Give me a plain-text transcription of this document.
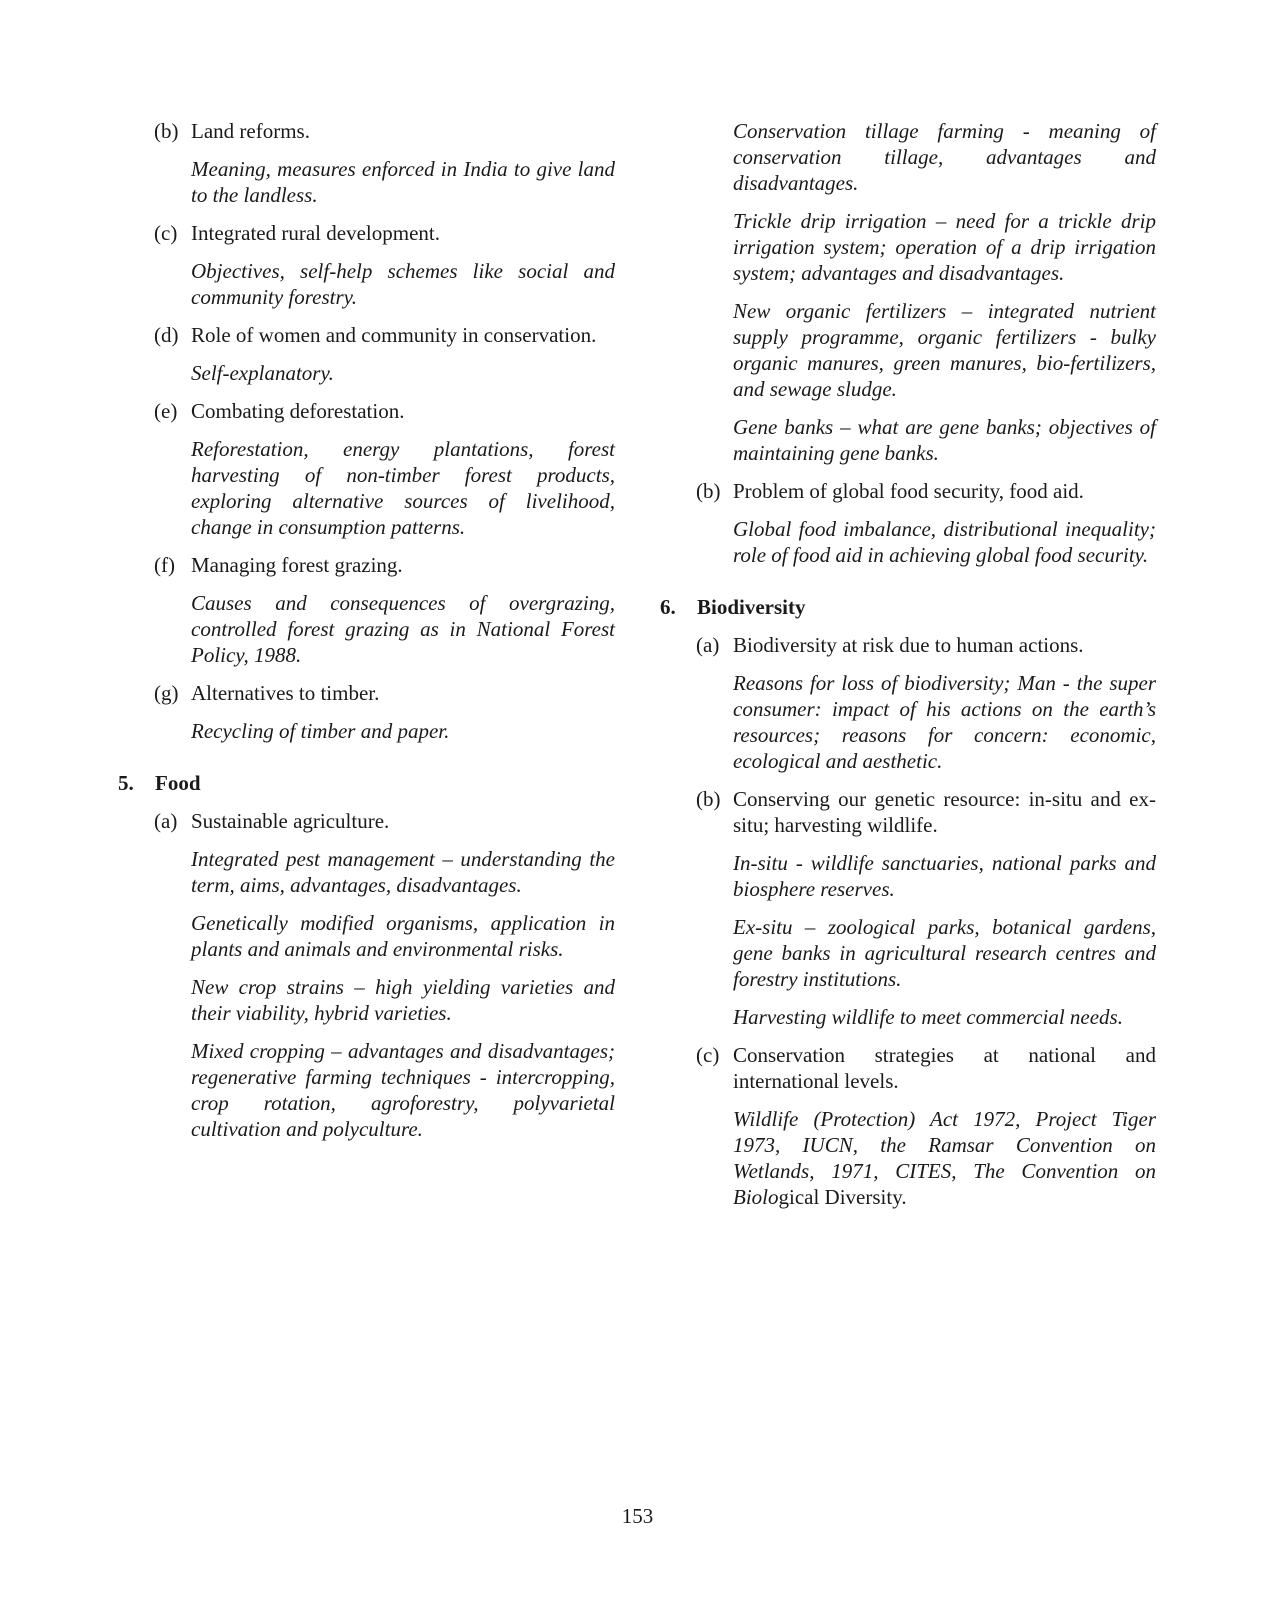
(b) Land reforms.
Meaning, measures enforced in India to give land to the landless.
(c) Integrated rural development.
Objectives, self-help schemes like social and community forestry.
(d) Role of women and community in conservation.
Self-explanatory.
(e) Combating deforestation.
Reforestation, energy plantations, forest harvesting of non-timber forest products, exploring alternative sources of livelihood, change in consumption patterns.
(f) Managing forest grazing.
Causes and consequences of overgrazing, controlled forest grazing as in National Forest Policy, 1988.
(g) Alternatives to timber.
Recycling of timber and paper.
5. Food
(a) Sustainable agriculture.
Integrated pest management – understanding the term, aims, advantages, disadvantages.
Genetically modified organisms, application in plants and animals and environmental risks.
New crop strains – high yielding varieties and their viability, hybrid varieties.
Mixed cropping – advantages and disadvantages; regenerative farming techniques - intercropping, crop rotation, agroforestry, polyvarietal cultivation and polyculture.
Conservation tillage farming - meaning of conservation tillage, advantages and disadvantages.
Trickle drip irrigation – need for a trickle drip irrigation system; operation of a drip irrigation system; advantages and disadvantages.
New organic fertilizers – integrated nutrient supply programme, organic fertilizers - bulky organic manures, green manures, bio-fertilizers, and sewage sludge.
Gene banks – what are gene banks; objectives of maintaining gene banks.
(b) Problem of global food security, food aid.
Global food imbalance, distributional inequality; role of food aid in achieving global food security.
6. Biodiversity
(a) Biodiversity at risk due to human actions.
Reasons for loss of biodiversity; Man - the super consumer: impact of his actions on the earth’s resources; reasons for concern: economic, ecological and aesthetic.
(b) Conserving our genetic resource: in-situ and ex-situ; harvesting wildlife.
In-situ - wildlife sanctuaries, national parks and biosphere reserves.
Ex-situ – zoological parks, botanical gardens, gene banks in agricultural research centres and forestry institutions.
Harvesting wildlife to meet commercial needs.
(c) Conservation strategies at national and international levels.
Wildlife (Protection) Act 1972, Project Tiger 1973, IUCN, the Ramsar Convention on Wetlands, 1971, CITES, The Convention on Biological Diversity.
153
